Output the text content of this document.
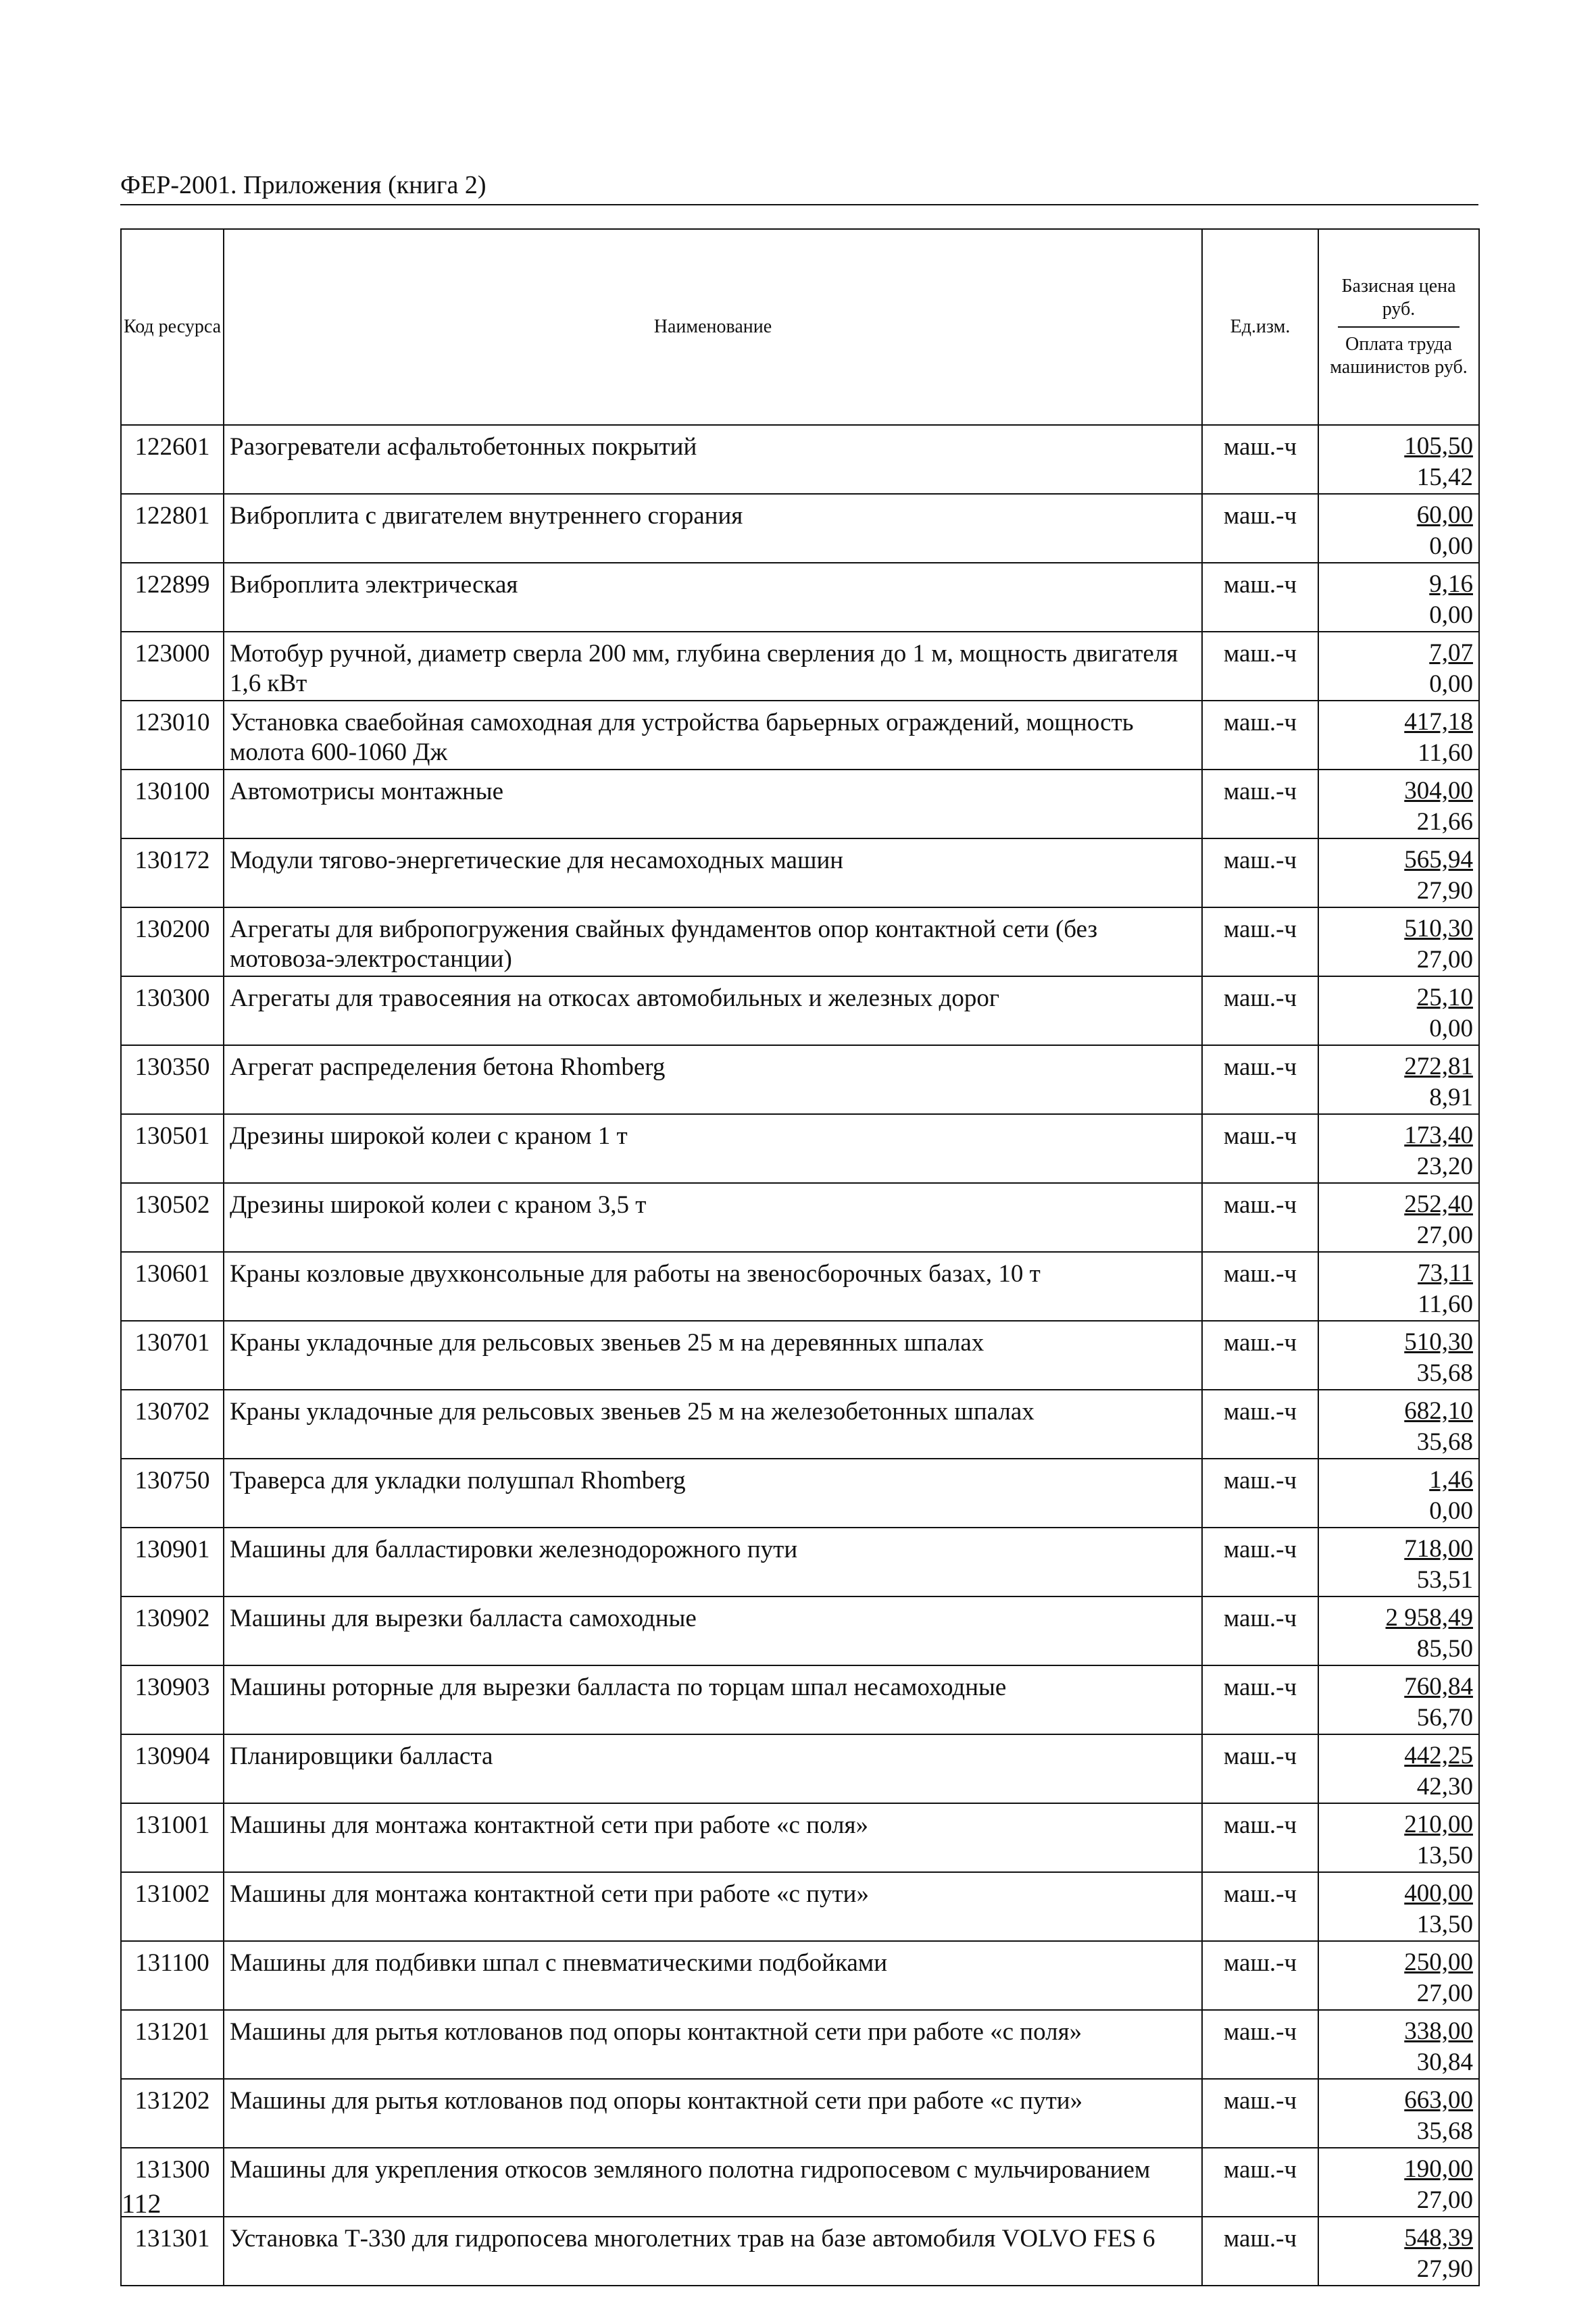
ФЕР-2001. Приложения (книга 2)
Код ресурса	Наименование	Ед.изм.	Базисная цена руб.
Оплата труда машинистов руб.

122601	Разогреватели асфальтобетонных покрытий	маш.-ч	105,50
15,42

122801	Виброплита с двигателем внутреннего сгорания	маш.-ч	60,00
0,00

122899	Виброплита электрическая	маш.-ч	9,16
0,00

123000	Мотобур ручной, диаметр сверла 200 мм, глубина сверления до 1 м, мощность двигателя 1,6 кВт	маш.-ч	7,07
0,00

123010	Установка сваебойная самоходная для устройства барьерных ограждений, мощность молота 600-1060 Дж	маш.-ч	417,18
11,60

130100	Автомотрисы монтажные	маш.-ч	304,00
21,66

130172	Модули тягово-энергетические для несамоходных машин	маш.-ч	565,94
27,90

130200	Агрегаты для вибропогружения свайных фундаментов опор контактной сети (без мотовоза-электростанции)	маш.-ч	510,30
27,00

130300	Агрегаты для травосеяния на откосах автомобильных и железных дорог	маш.-ч	25,10
0,00

130350	Агрегат распределения бетона Rhomberg	маш.-ч	272,81
8,91

130501	Дрезины широкой колеи с краном 1 т	маш.-ч	173,40
23,20

130502	Дрезины широкой колеи с краном 3,5 т	маш.-ч	252,40
27,00

130601	Краны козловые двухконсольные для работы на звеносборочных базах, 10 т	маш.-ч	73,11
11,60

130701	Краны укладочные для рельсовых звеньев 25 м на деревянных шпалах	маш.-ч	510,30
35,68

130702	Краны укладочные для рельсовых звеньев 25 м на железобетонных шпалах	маш.-ч	682,10
35,68

130750	Траверса для укладки полушпал Rhomberg	маш.-ч	1,46
0,00

130901	Машины для балластировки железнодорожного пути	маш.-ч	718,00
53,51

130902	Машины для вырезки балласта самоходные	маш.-ч	2 958,49
85,50

130903	Машины роторные для вырезки балласта по торцам шпал несамоходные	маш.-ч	760,84
56,70

130904	Планировщики балласта	маш.-ч	442,25
42,30

131001	Машины для монтажа контактной сети при работе «с поля»	маш.-ч	210,00
13,50

131002	Машины для монтажа контактной сети при работе «с пути»	маш.-ч	400,00
13,50

131100	Машины для подбивки шпал с пневматическими подбойками	маш.-ч	250,00
27,00

131201	Машины для рытья котлованов под опоры контактной сети при работе «с поля»	маш.-ч	338,00
30,84

131202	Машины для рытья котлованов под опоры контактной сети при работе «с пути»	маш.-ч	663,00
35,68

131300	Машины для укрепления откосов земляного полотна гидропосевом с мульчированием	маш.-ч	190,00
27,00

131301	Установка Т-330 для гидропосева многолетних трав на базе автомобиля VOLVO FES 6	маш.-ч	548,39
27,90
112
